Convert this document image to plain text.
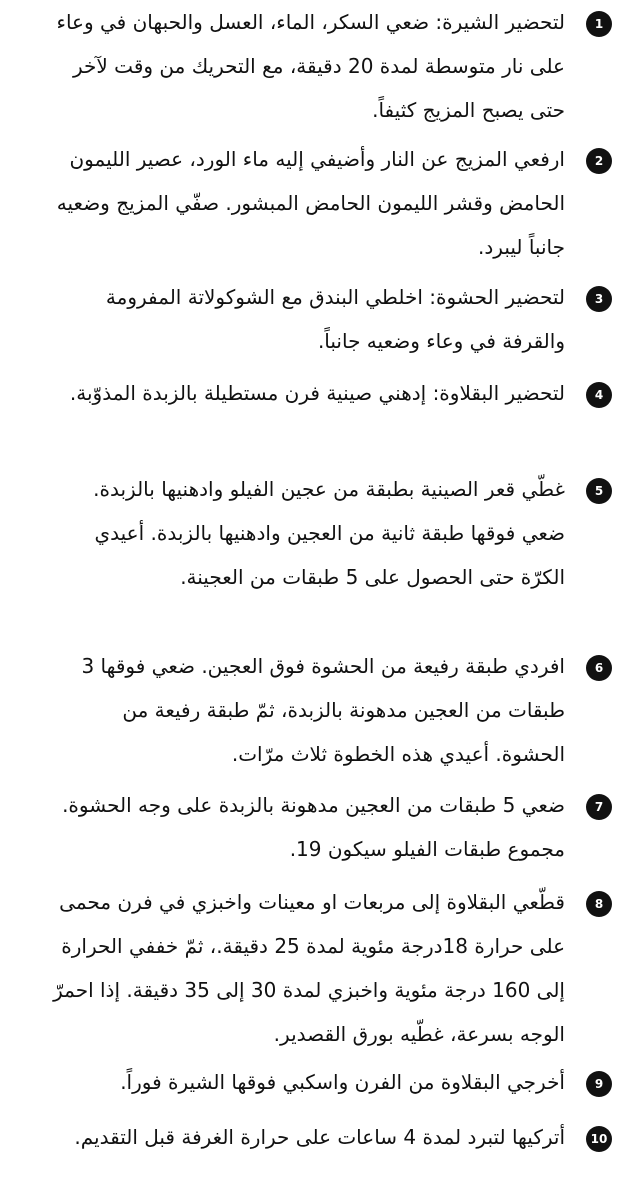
1

لتحضير الشيرة: ضعي السكر، الماء، العسل والحبهان في وعاء على نار متوسطة لمدة 20 دقيقة، مع التحريك من وقت لآخر حتى يصبح المزيج كثيفاً.

2

ارفعي المزيج عن النار وأضيفي إليه ماء الورد، عصير الليمون الحامض وقشر الليمون الحامض المبشور. صفّي المزيج وضعيه جانباً ليبرد.

3

لتحضير الحشوة: اخلطي البندق مع الشوكولاتة المفرومة والقرفة في وعاء وضعيه جانباً.

4

لتحضير البقلاوة: إدهني صينية فرن مستطيلة بالزبدة المذوّبة.

5

غطّي قعر الصينية بطبقة من عجين الفيلو وادهنيها بالزبدة. ضعي فوقها طبقة ثانية من العجين وادهنيها بالزبدة. أعيدي الكرّة حتى الحصول على 5 طبقات من العجينة.

6

افردي طبقة رفيعة من الحشوة فوق العجين. ضعي فوقها 3 طبقات من العجين مدهونة بالزبدة، ثمّ طبقة رفيعة من الحشوة. أعيدي هذه الخطوة ثلاث مرّات.

7

ضعي 5 طبقات من العجين مدهونة بالزبدة على وجه الحشوة. مجموع طبقات الفيلو سيكون 19.

8

قطّعي البقلاوة إلى مربعات او معينات واخبزي في فرن محمى على حرارة 18درجة مئوية لمدة 25 دقيقة.، ثمّ خففي الحرارة إلى 160 درجة مئوية واخبزي لمدة 30 إلى 35 دقيقة. إذا احمرّ الوجه بسرعة، غطّيه بورق القصدير.

9

أخرجي البقلاوة من الفرن واسكبي فوقها الشيرة فوراً.

10

أتركيها لتبرد لمدة 4 ساعات على حرارة الغرفة قبل التقديم.
